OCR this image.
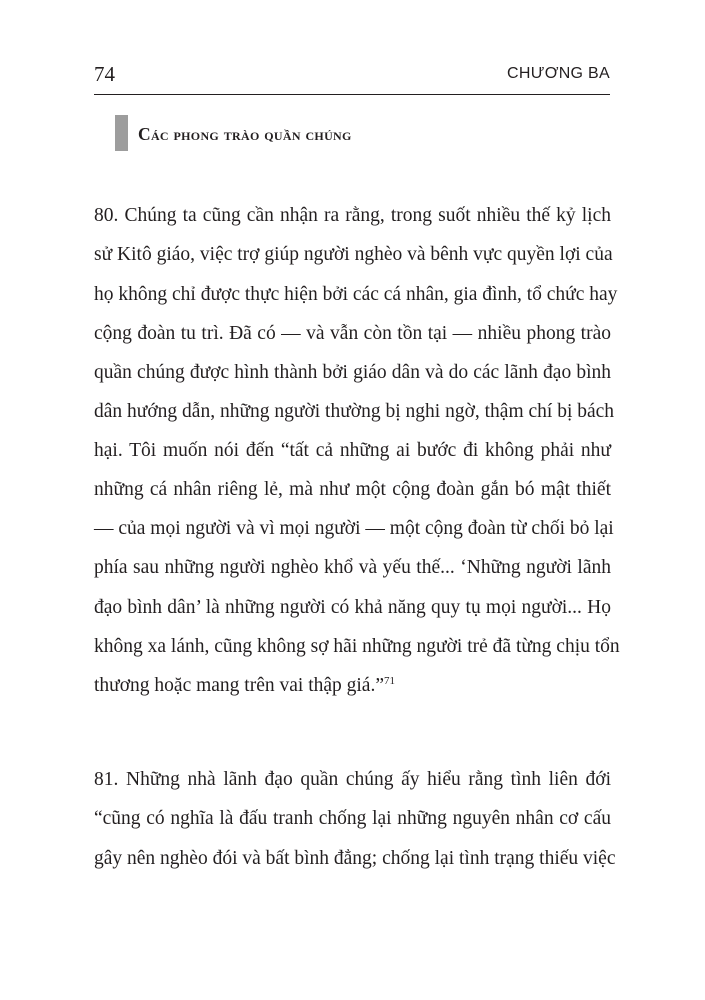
74	CHƯƠNG BA
Các phong trào quần chúng
80. Chúng ta cũng cần nhận ra rằng, trong suốt nhiều thế kỷ lịch
sử Kitô giáo, việc trợ giúp người nghèo và bênh vực quyền lợi của
họ không chỉ được thực hiện bởi các cá nhân, gia đình, tổ chức hay
cộng đoàn tu trì. Đã có — và vẫn còn tồn tại — nhiều phong trào
quần chúng được hình thành bởi giáo dân và do các lãnh đạo bình
dân hướng dẫn, những người thường bị nghi ngờ, thậm chí bị bách
hại. Tôi muốn nói đến “tất cả những ai bước đi không phải như
những cá nhân riêng lẻ, mà như một cộng đoàn gắn bó mật thiết
— của mọi người và vì mọi người — một cộng đoàn từ chối bỏ lại
phía sau những người nghèo khổ và yếu thế... ‘Những người lãnh
đạo bình dân’ là những người có khả năng quy tụ mọi người... Họ
không xa lánh, cũng không sợ hãi những người trẻ đã từng chịu tổn
thương hoặc mang trên vai thập giá.”$^{71}$
81. Những nhà lãnh đạo quần chúng ấy hiểu rằng tình liên đới
“cũng có nghĩa là đấu tranh chống lại những nguyên nhân cơ cấu
gây nên nghèo đói và bất bình đẳng; chống lại tình trạng thiếu việc
